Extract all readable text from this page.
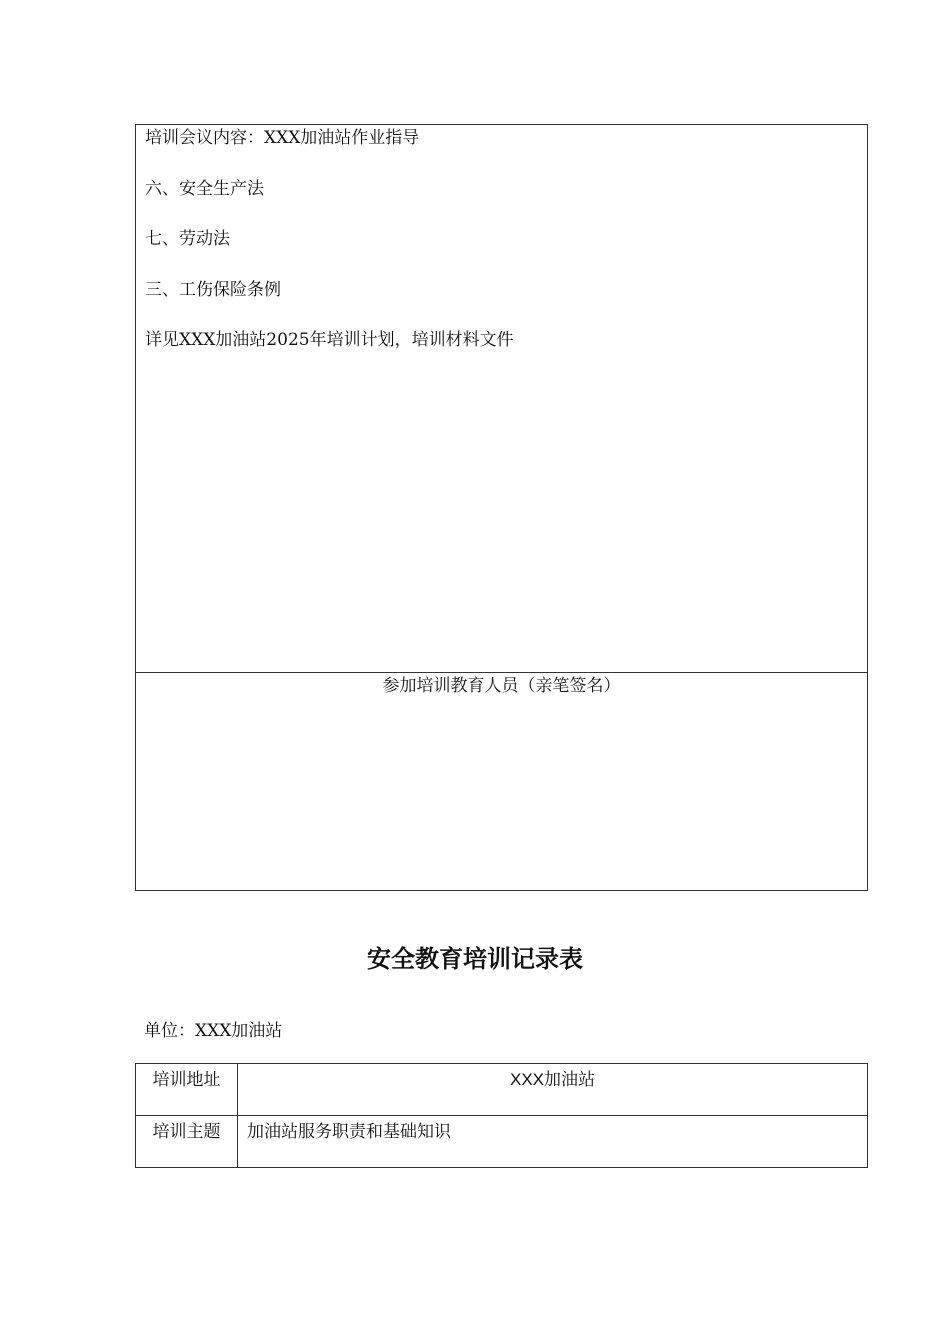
培训会议内容：XXX加油站作业指导
六、安全生产法
七、劳动法
三、工伤保险条例
详见XXX加油站2025年培训计划，培训材料文件
参加培训教育人员（亲笔签名）
安全教育培训记录表
单位：XXX加油站
培训地址	XXX加油站
培训主题	加油站服务职责和基础知识
